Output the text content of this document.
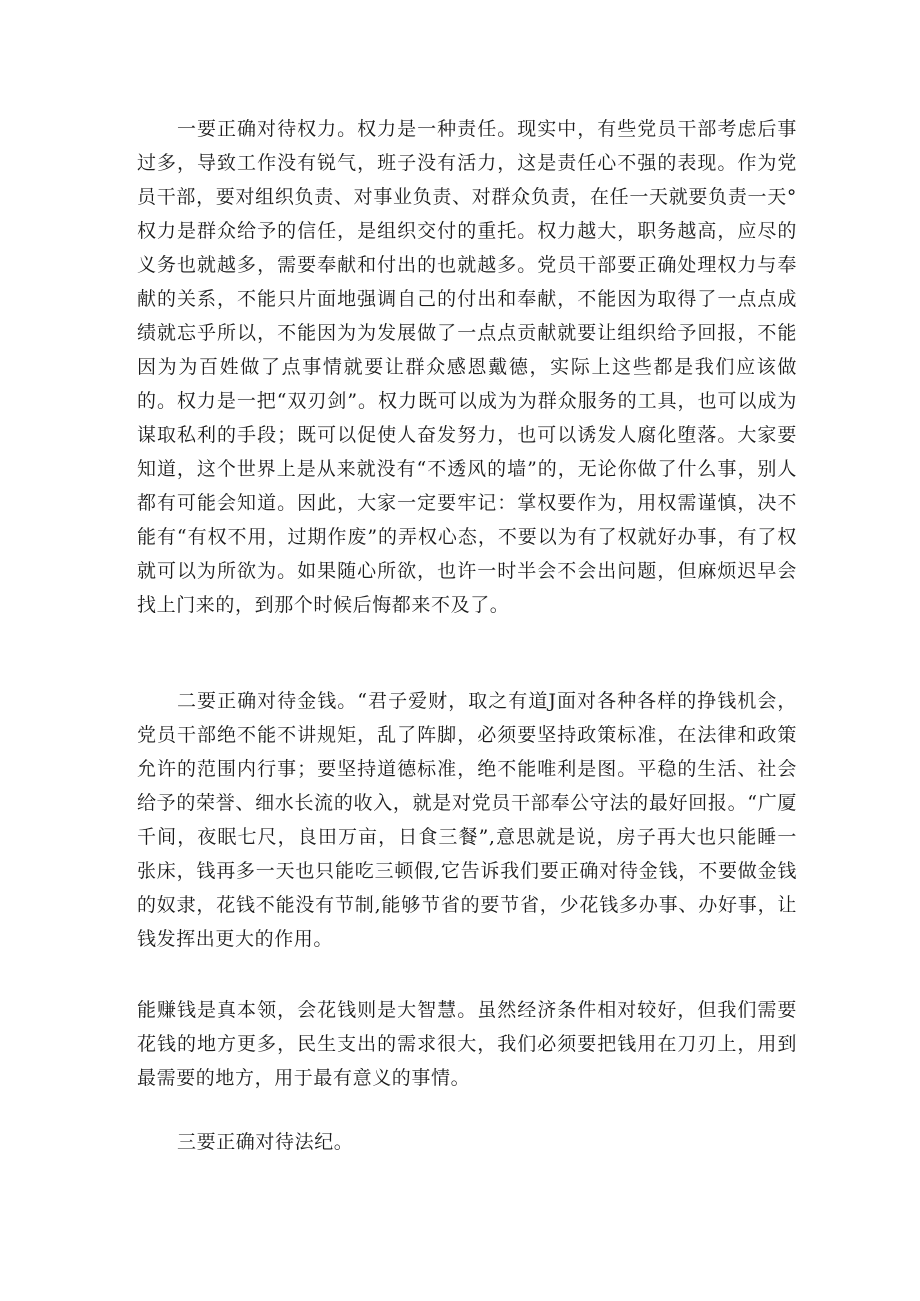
一要正确对待权力。权力是一种责任。现实中，有些党员干部考虑后事过多，导致工作没有锐气，班子没有活力，这是责任心不强的表现。作为党员干部，要对组织负责、对事业负责、对群众负责，在任一天就要负责一天°权力是群众给予的信任，是组织交付的重托。权力越大，职务越高，应尽的义务也就越多，需要奉献和付出的也就越多。党员干部要正确处理权力与奉献的关系，不能只片面地强调自己的付出和奉献，不能因为取得了一点点成绩就忘乎所以，不能因为为发展做了一点点贡献就要让组织给予回报，不能因为为百姓做了点事情就要让群众感恩戴德，实际上这些都是我们应该做的。权力是一把“双刃剑”。权力既可以成为为群众服务的工具，也可以成为谋取私利的手段；既可以促使人奋发努力，也可以诱发人腐化堕落。大家要知道，这个世界上是从来就没有“不透风的墙”的，无论你做了什么事，别人都有可能会知道。因此，大家一定要牢记：掌权要作为，用权需谨慎，决不能有“有权不用，过期作废”的弄权心态，不要以为有了权就好办事，有了权就可以为所欲为。如果随心所欲，也许一时半会不会出问题，但麻烦迟早会找上门来的，到那个时候后悔都来不及了。

二要正确对待金钱。“君子爱财，取之有道J面对各种各样的挣钱机会，党员干部绝不能不讲规矩，乱了阵脚，必须要坚持政策标准，在法律和政策允许的范围内行事；要坚持道德标准，绝不能唯利是图。平稳的生活、社会给予的荣誉、细水长流的收入，就是对党员干部奉公守法的最好回报。“广厦千间，夜眠七尺，良田万亩，日食三餐”,意思就是说，房子再大也只能睡一张床，钱再多一天也只能吃三顿假,它告诉我们要正确对待金钱，不要做金钱的奴隶，花钱不能没有节制,能够节省的要节省，少花钱多办事、办好事，让钱发挥出更大的作用。

能赚钱是真本领，会花钱则是大智慧。虽然经济条件相对较好，但我们需要花钱的地方更多，民生支出的需求很大，我们必须要把钱用在刀刃上，用到最需要的地方，用于最有意义的事情。

三要正确对待法纪。
